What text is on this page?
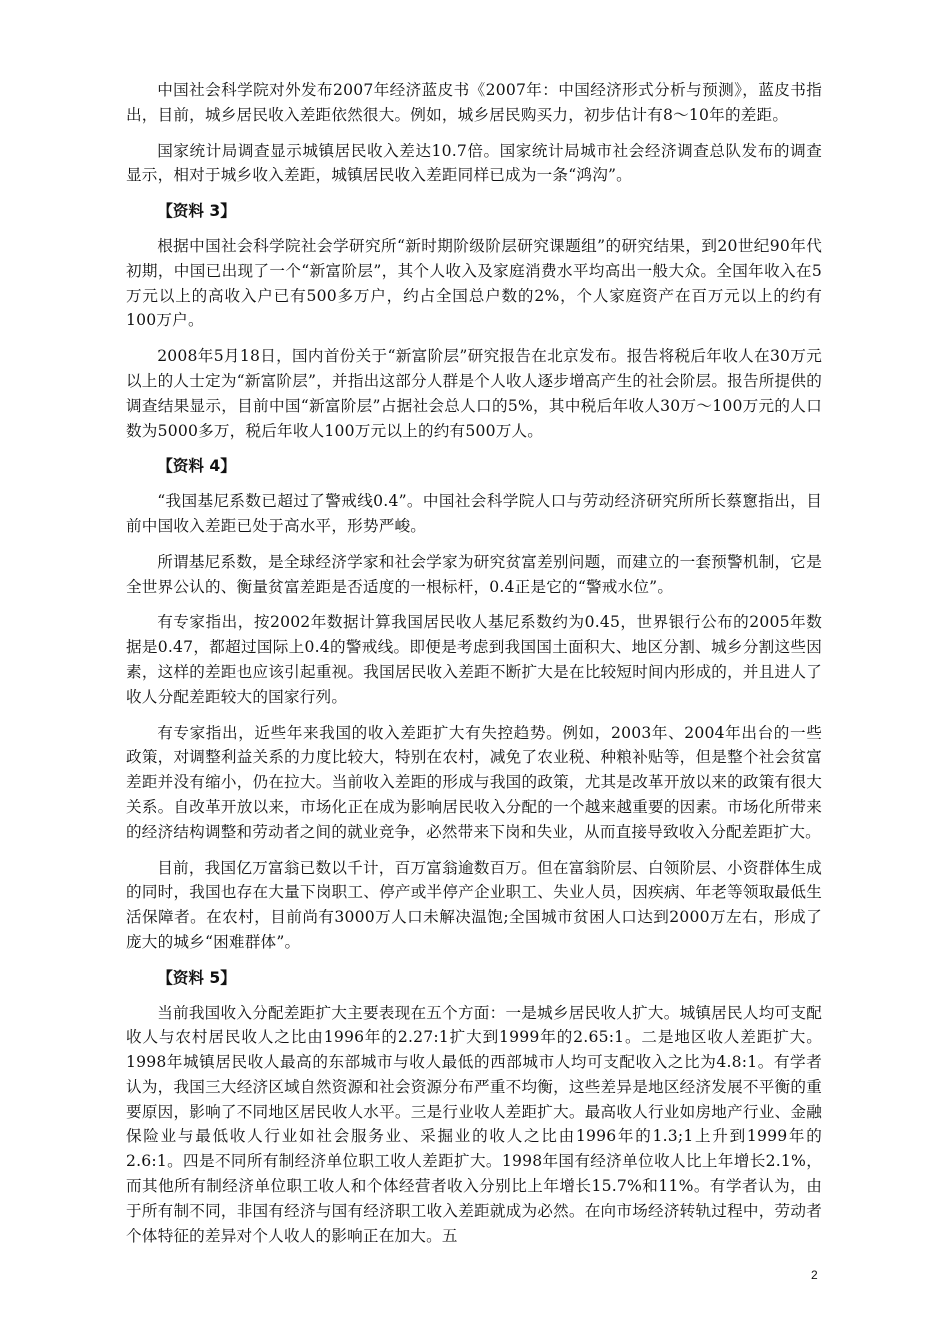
中国社会科学院对外发布2007年经济蓝皮书《2007年：中国经济形式分析与预测》，蓝皮书指出，目前，城乡居民收入差距依然很大。例如，城乡居民购买力，初步估计有8～10年的差距。

国家统计局调查显示城镇居民收入差达10.7倍。国家统计局城市社会经济调查总队发布的调查显示，相对于城乡收入差距，城镇居民收入差距同样已成为一条“鸿沟”。

【资料 3】

根据中国社会科学院社会学研究所“新时期阶级阶层研究课题组”的研究结果，到20世纪90年代初期，中国已出现了一个“新富阶层”，其个人收入及家庭消费水平均高出一般大众。全国年收入在5万元以上的高收入户已有500多万户，约占全国总户数的2%，个人家庭资产在百万元以上的约有100万户。

2008年5月18日，国内首份关于“新富阶层”研究报告在北京发布。报告将税后年收人在30万元以上的人士定为“新富阶层”，并指出这部分人群是个人收人逐步增高产生的社会阶层。报告所提供的调查结果显示，目前中国“新富阶层”占据社会总人口的5%，其中税后年收人30万～100万元的人口数为5000多万，税后年收人100万元以上的约有500万人。

【资料 4】

“我国基尼系数已超过了警戒线0.4”。中国社会科学院人口与劳动经济研究所所长蔡窻指出，目前中国收入差距已处于高水平，形势严峻。

所谓基尼系数，是全球经济学家和社会学家为研究贫富差别问题，而建立的一套预警机制，它是全世界公认的、衡量贫富差距是否适度的一根标杆，0.4正是它的“警戒水位”。

有专家指出，按2002年数据计算我国居民收人基尼系数约为0.45，世界银行公布的2005年数据是0.47，都超过国际上0.4的警戒线。即便是考虑到我国国土面积大、地区分割、城乡分割这些因素，这样的差距也应该引起重视。我国居民收入差距不断扩大是在比较短时间内形成的，并且进人了收人分配差距较大的国家行列。

有专家指出，近些年来我国的收入差距扩大有失控趋势。例如，2003年、2004年出台的一些政策，对调整利益关系的力度比较大，特别在农村，减免了农业税、种粮补贴等，但是整个社会贫富差距并没有缩小，仍在拉大。当前收入差距的形成与我国的政策，尤其是改革开放以来的政策有很大关系。自改革开放以来，市场化正在成为影响居民收入分配的一个越来越重要的因素。市场化所带来的经济结构调整和劳动者之间的就业竞争，必然带来下岗和失业，从而直接导致收入分配差距扩大。

目前，我国亿万富翁已数以千计，百万富翁逾数百万。但在富翁阶层、白领阶层、小资群体生成的同时，我国也存在大量下岗职工、停产或半停产企业职工、失业人员，因疾病、年老等领取最低生活保障者。在农村，目前尚有3000万人口未解决温饱;全国城市贫困人口达到2000万左右，形成了庞大的城乡“困难群体”。

【资料 5】

当前我国收入分配差距扩大主要表现在五个方面：一是城乡居民收人扩大。城镇居民人均可支配收人与农村居民收人之比由1996年的2.27:1扩大到1999年的2.65:1。二是地区收人差距扩大。1998年城镇居民收人最高的东部城市与收人最低的西部城市人均可支配收入之比为4.8:1。有学者认为，我国三大经济区域自然资源和社会资源分布严重不均衡，这些差异是地区经济发展不平衡的重要原因，影响了不同地区居民收人水平。三是行业收人差距扩大。最高收人行业如房地产行业、金融保险业与最低收人行业如社会服务业、采掘业的收人之比由1996年的1.3;1上升到1999年的2.6:1。四是不同所有制经济单位职工收人差距扩大。1998年国有经济单位收人比上年增长2.1%，而其他所有制经济单位职工收人和个体经营者收入分别比上年增长15.7%和11%。有学者认为，由于所有制不同，非国有经济与国有经济职工收入差距就成为必然。在向市场经济转轨过程中，劳动者个体特征的差异对个人收人的影响正在加大。五

2
